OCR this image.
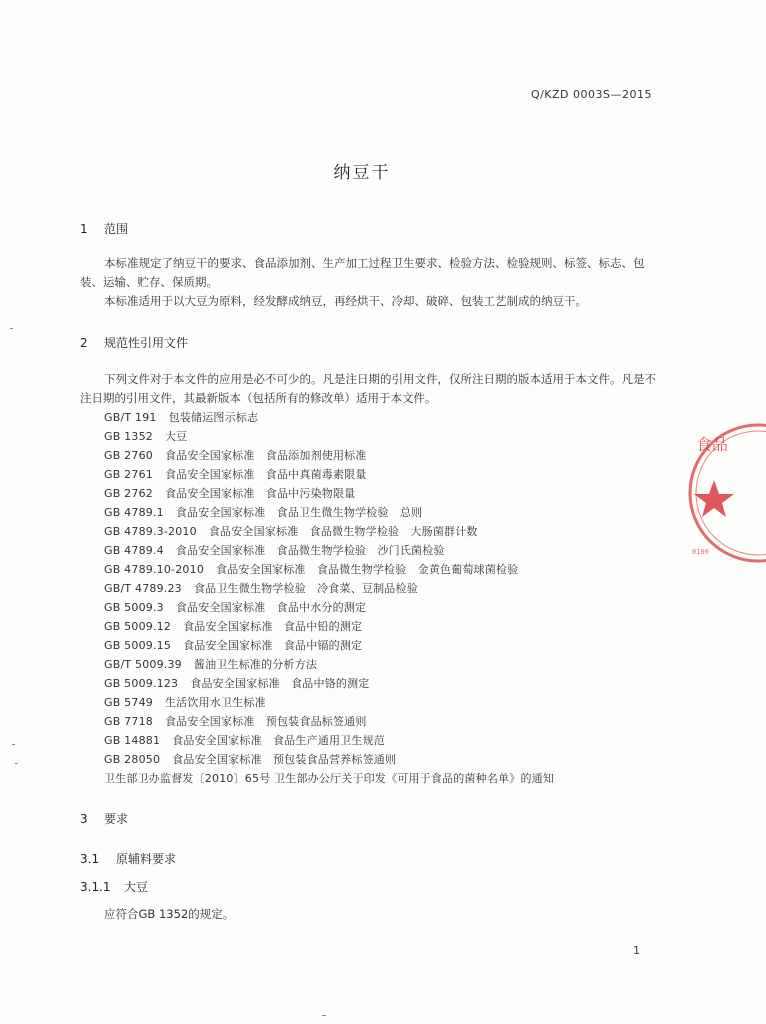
Q/KZD 0003S—2015
纳豆干
1 范围
本标准规定了纳豆干的要求、食品添加剂、生产加工过程卫生要求、检验方法、检验规则、标签、标志、包装、运输、贮存、保质期。
本标准适用于以大豆为原料，经发酵成纳豆，再经烘干、冷却、破碎、包装工艺制成的纳豆干。
2 规范性引用文件
下列文件对于本文件的应用是必不可少的。凡是注日期的引用文件，仅所注日期的版本适用于本文件。凡是不注日期的引用文件，其最新版本（包括所有的修改单）适用于本文件。
GB/T 191 包装储运图示标志
GB 1352 大豆
GB 2760 食品安全国家标准　食品添加剂使用标准
GB 2761 食品安全国家标准　食品中真菌毒素限量
GB 2762 食品安全国家标准　食品中污染物限量
GB 4789.1 食品安全国家标准　食品卫生微生物学检验　总则
GB 4789.3-2010 食品安全国家标准　食品微生物学检验　大肠菌群计数
GB 4789.4 食品安全国家标准　食品微生物学检验　沙门氏菌检验
GB 4789.10-2010 食品安全国家标准　食品微生物学检验　金黄色葡萄球菌检验
GB/T 4789.23 食品卫生微生物学检验　冷食菜、豆制品检验
GB 5009.3 食品安全国家标准　食品中水分的测定
GB 5009.12 食品安全国家标准　食品中铅的测定
GB 5009.15 食品安全国家标准　食品中镉的测定
GB/T 5009.39 酱油卫生标准的分析方法
GB 5009.123 食品安全国家标准　食品中铬的测定
GB 5749 生活饮用水卫生标准
GB 7718 食品安全国家标准　预包装食品标签通则
GB 14881 食品安全国家标准　食品生产通用卫生规范
GB 28050 食品安全国家标准　预包装食品营养标签通则
卫生部卫办监督发〔2010〕65号 卫生部办公厅关于印发《可用于食品的菌种名单》的通知
3 要求
3.1 原辅料要求
3.1.1 大豆
应符合GB 1352的规定。
1
食品
0100
